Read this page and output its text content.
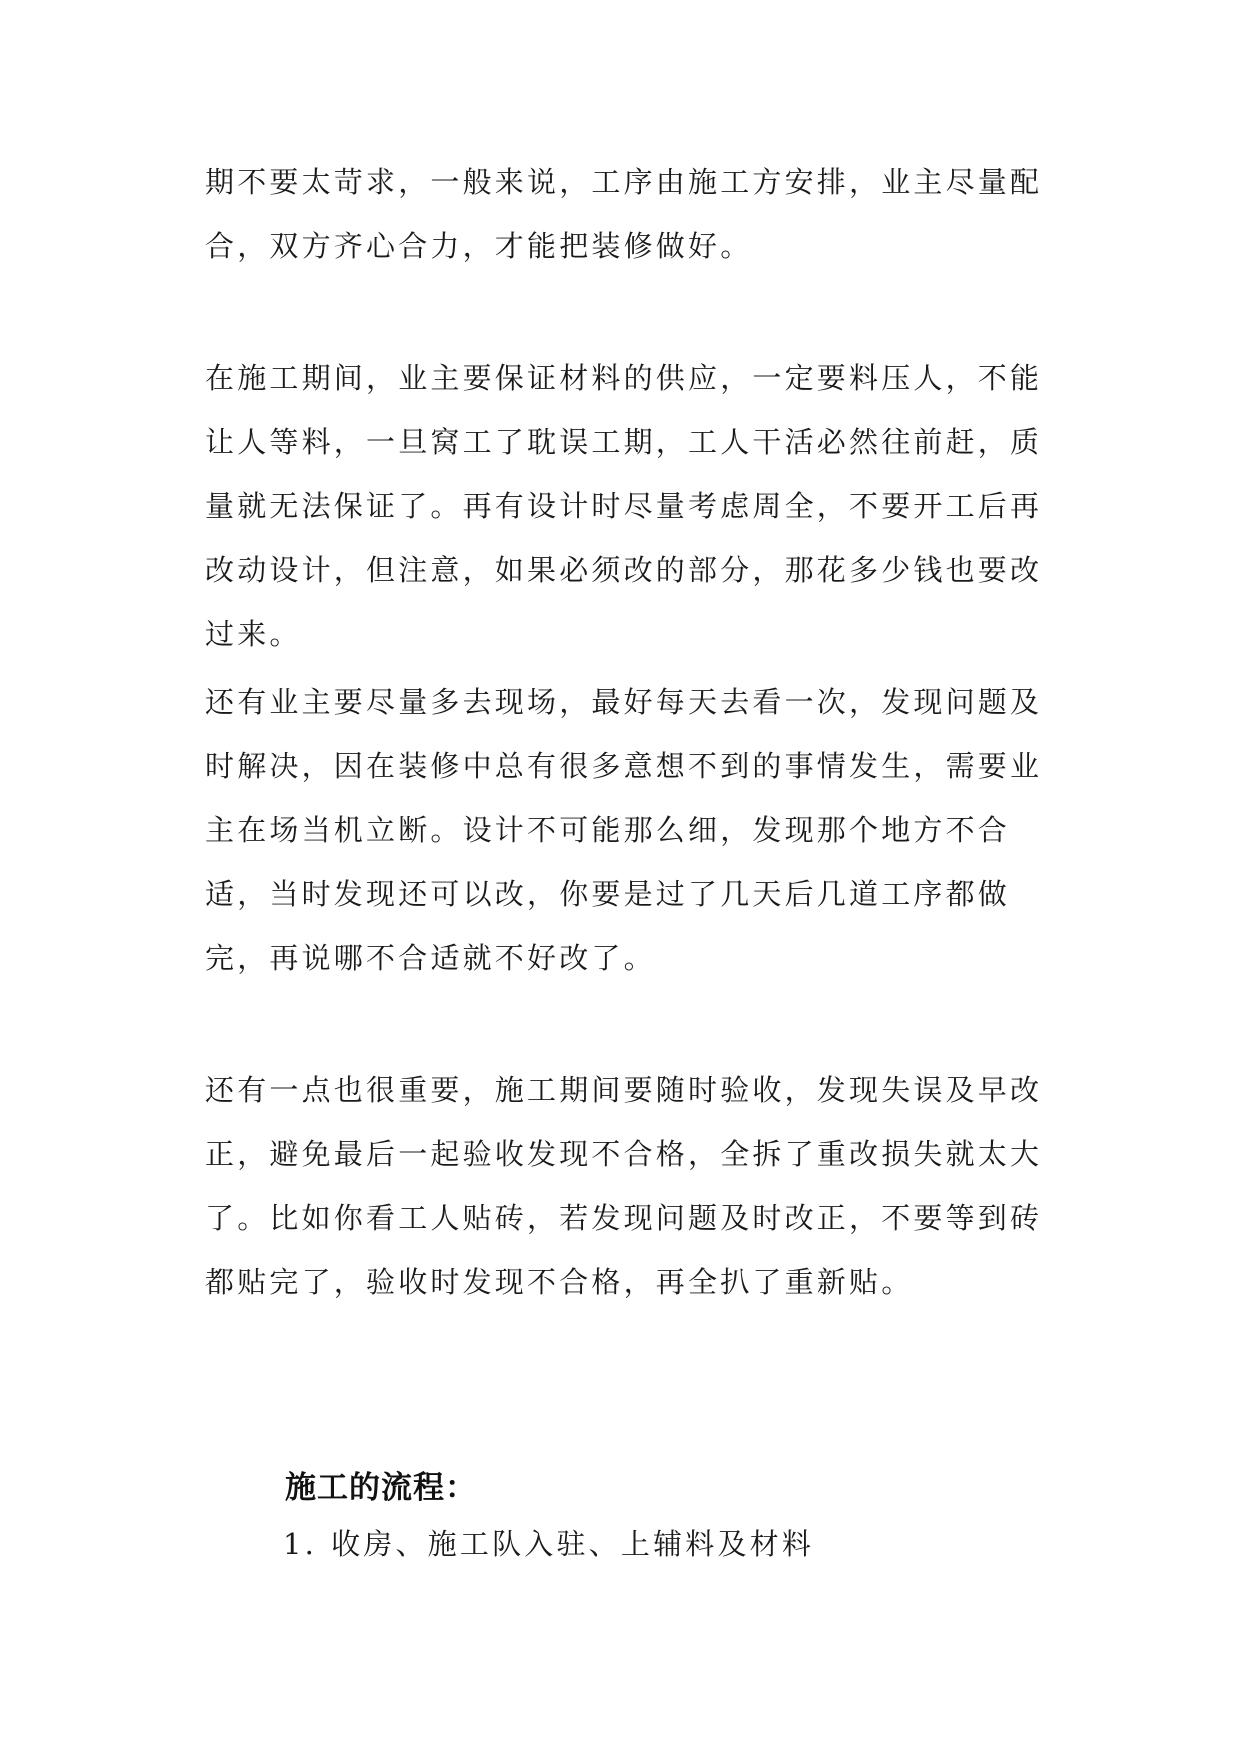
期不要太苛求，一般来说，工序由施工方安排，业主尽量配合，双方齐心合力，才能把装修做好。

在施工期间，业主要保证材料的供应，一定要料压人，不能让人等料，一旦窝工了耽误工期，工人干活必然往前赶，质量就无法保证了。再有设计时尽量考虑周全，不要开工后再改动设计，但注意，如果必须改的部分，那花多少钱也要改过来。

还有业主要尽量多去现场，最好每天去看一次，发现问题及时解决，因在装修中总有很多意想不到的事情发生，需要业主在场当机立断。设计不可能那么细，发现那个地方不合适，当时发现还可以改，你要是过了几天后几道工序都做完，再说哪不合适就不好改了。

还有一点也很重要，施工期间要随时验收，发现失误及早改正，避免最后一起验收发现不合格，全拆了重改损失就太大了。比如你看工人贴砖，若发现问题及时改正，不要等到砖都贴完了，验收时发现不合格，再全扒了重新贴。

施工的流程：
1. 收房、施工队入驻、上辅料及材料
